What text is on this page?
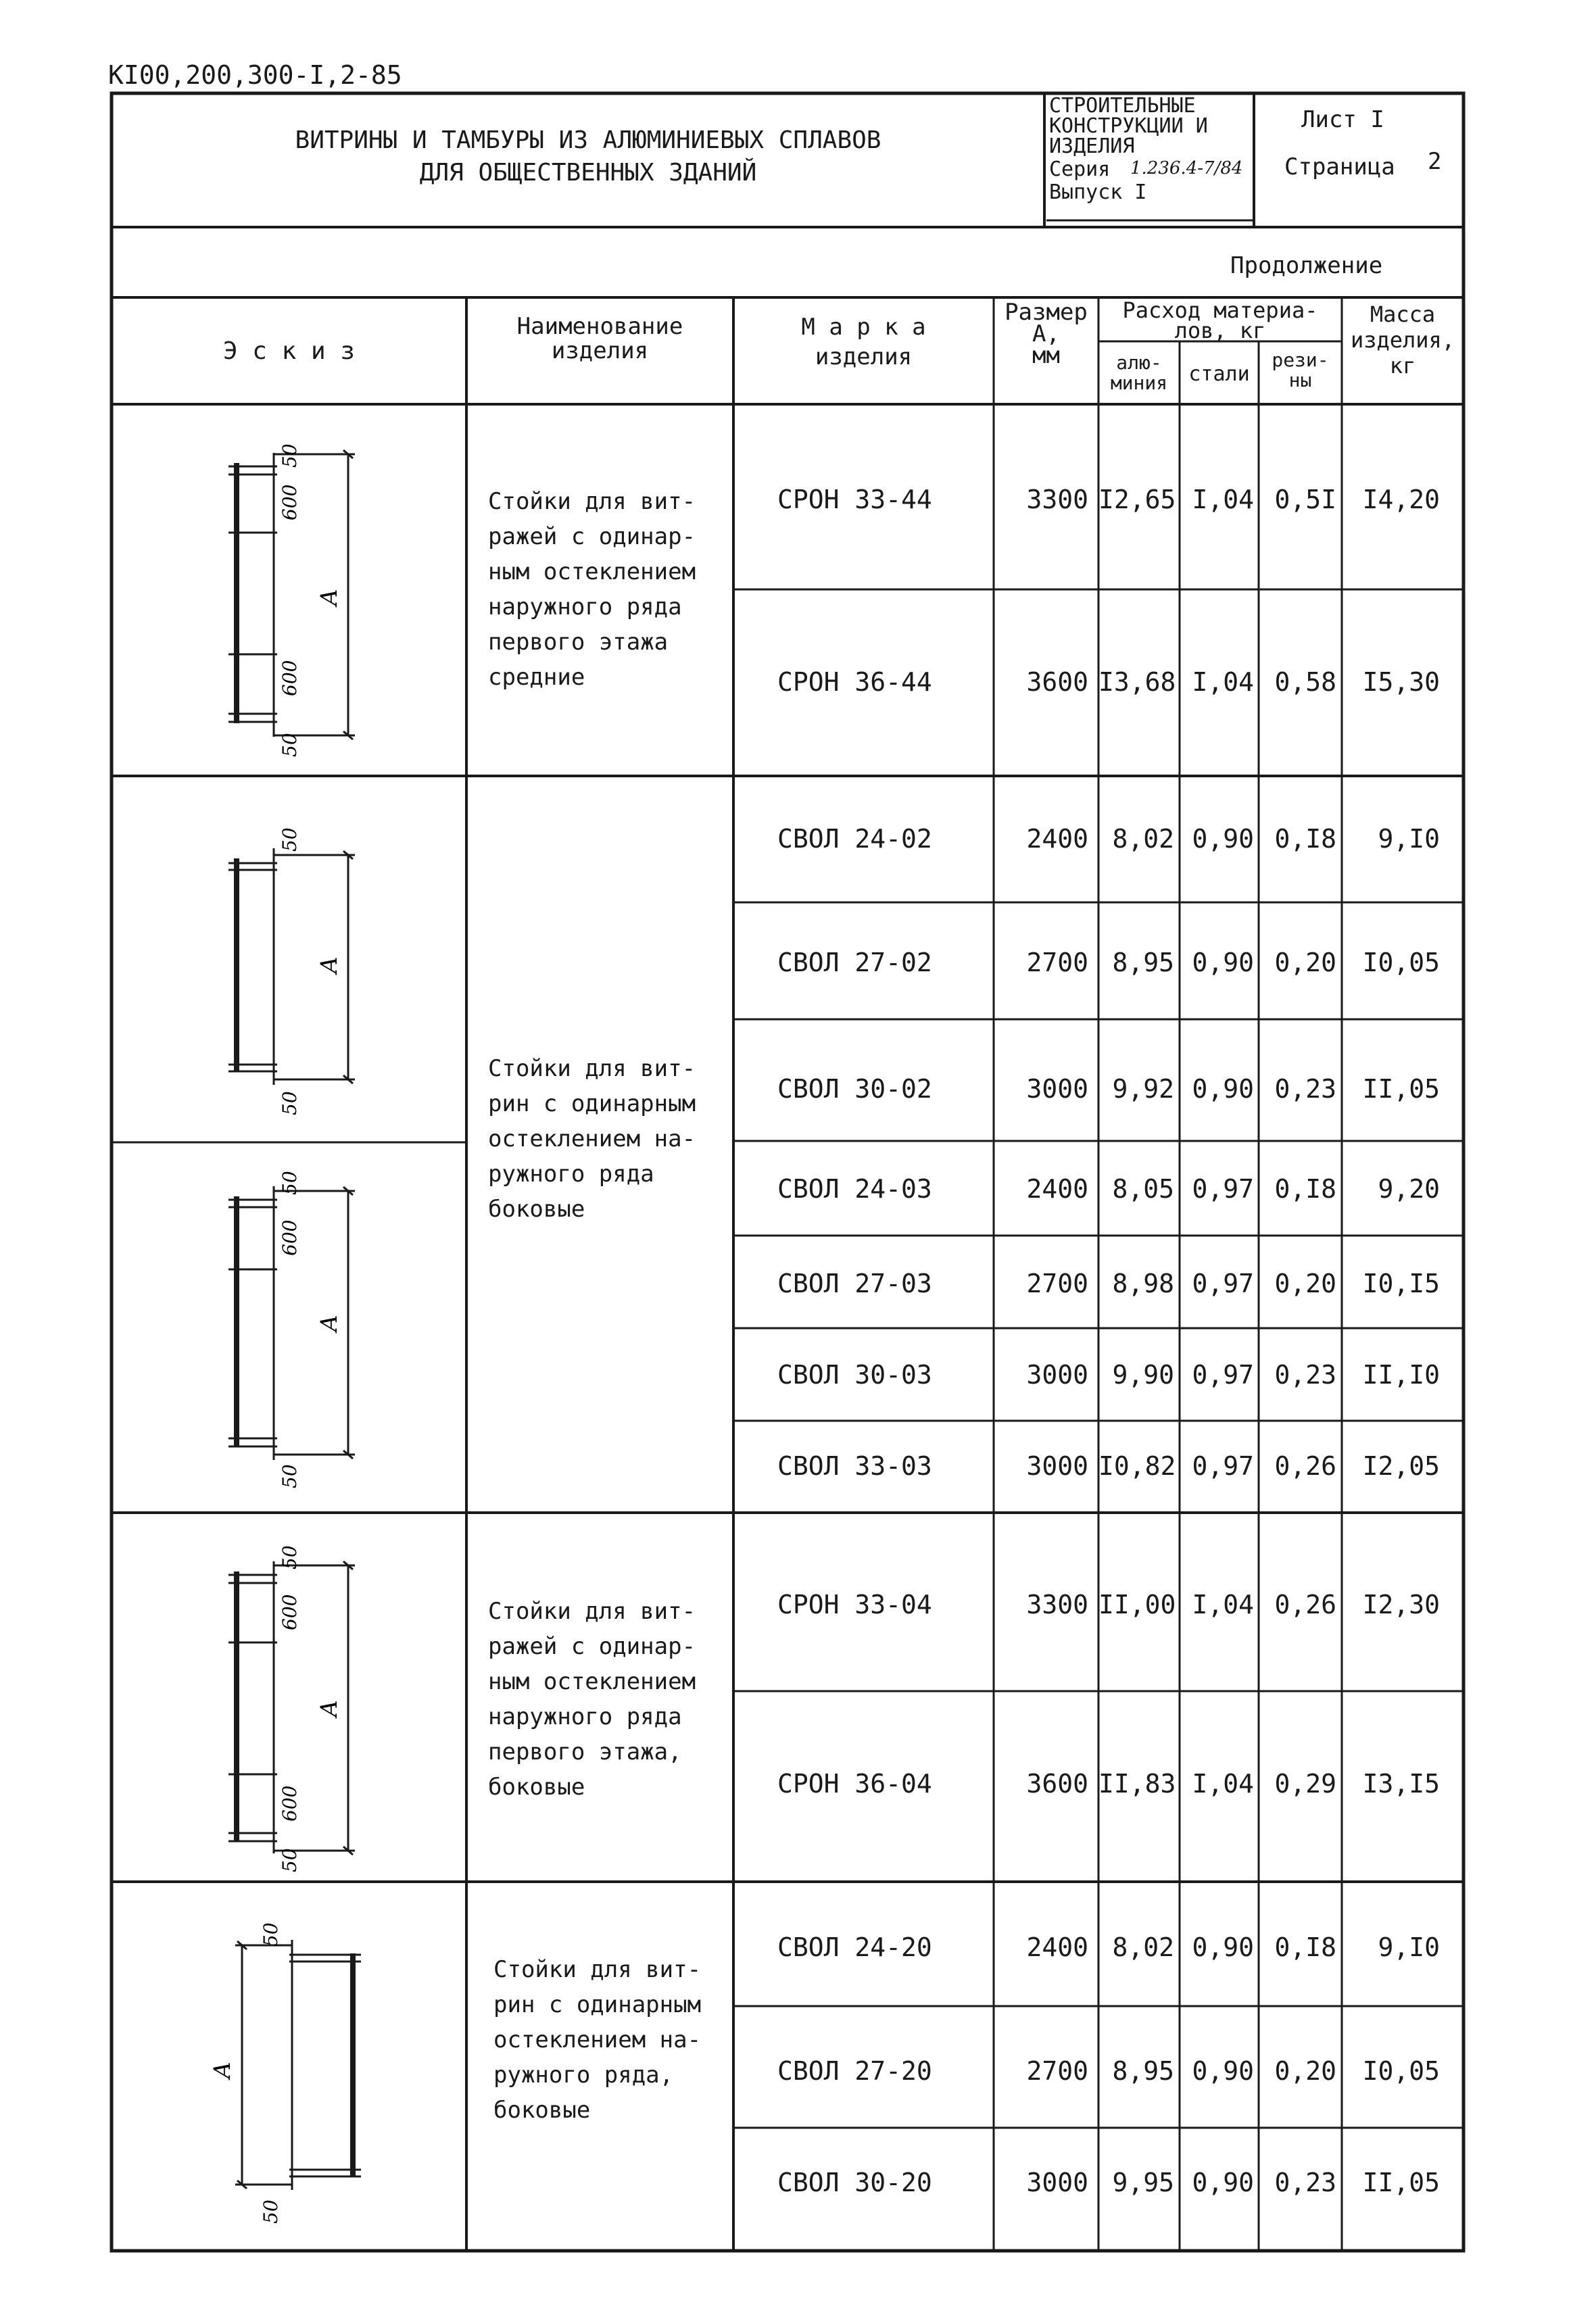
KI00,200,300-I,2-85
ВИТРИНЫ И ТАМБУРЫ ИЗ АЛЮМИНИЕВЫХ СПЛАВОВ
ДЛЯ ОБЩЕСТВЕННЫХ ЗДАНИЙ
СТРОИТЕЛЬНЫЕ
КОНСТРУКЦИИ И
ИЗДЕЛИЯ
Серия 1.236.4-7/84
Выпуск I
Лист I
Страница 2
Продолжение
Э с к и з
Наименование
изделия
М а р к а
изделия
Размер
А,
мм
Расход материа-
лов, кг
алю-
миния	стали
рези-
ны
Масса
изделия,
кг
Стойки для вит-
ражей с одинар-
ным остеклением
наружного ряда
первого этажа
средние
Стойки для вит-
рин с одинарным
остеклением на-
ружного ряда
боковые
Стойки для вит-
ражей с одинар-
ным остеклением
наружного ряда
первого этажа,
боковые
Стойки для вит-
рин с одинарным
остеклением на-
ружного ряда,
боковые
СРОН 33-44	3300 I2,65 I,04 0,5I	I4,20
СРОН 36-44	3600 I3,68 I,04 0,58	I5,30
СВОЛ 24-02	2400 8,02 0,90 0,I8	9,I0
СВОЛ 27-02	2700 8,95 0,90 0,20	I0,05
СВОЛ 30-02	3000 9,92 0,90 0,23	II,05
СВОЛ 24-03	2400 8,05 0,97 0,I8	9,20
СВОЛ 27-03	2700 8,98 0,97 0,20	I0,I5
СВОЛ 30-03	3000 9,90 0,97 0,23	II,I0
СВОЛ 33-03	3000 I0,82 0,97 0,26	I2,05
СРОН 33-04	3300 II,00 I,04 0,26	I2,30
СРОН 36-04	3600 II,83 I,04 0,29	I3,I5
СВОЛ 24-20	2400 8,02 0,90 0,I8	9,I0
СВОЛ 27-20	2700 8,95 0,90 0,20	I0,05
СВОЛ 30-20	3000 9,95 0,90 0,23	II,05
A
50
600
600
50
A
50
50
A
50
600
50
A
50
600
600
50
A
50
50
